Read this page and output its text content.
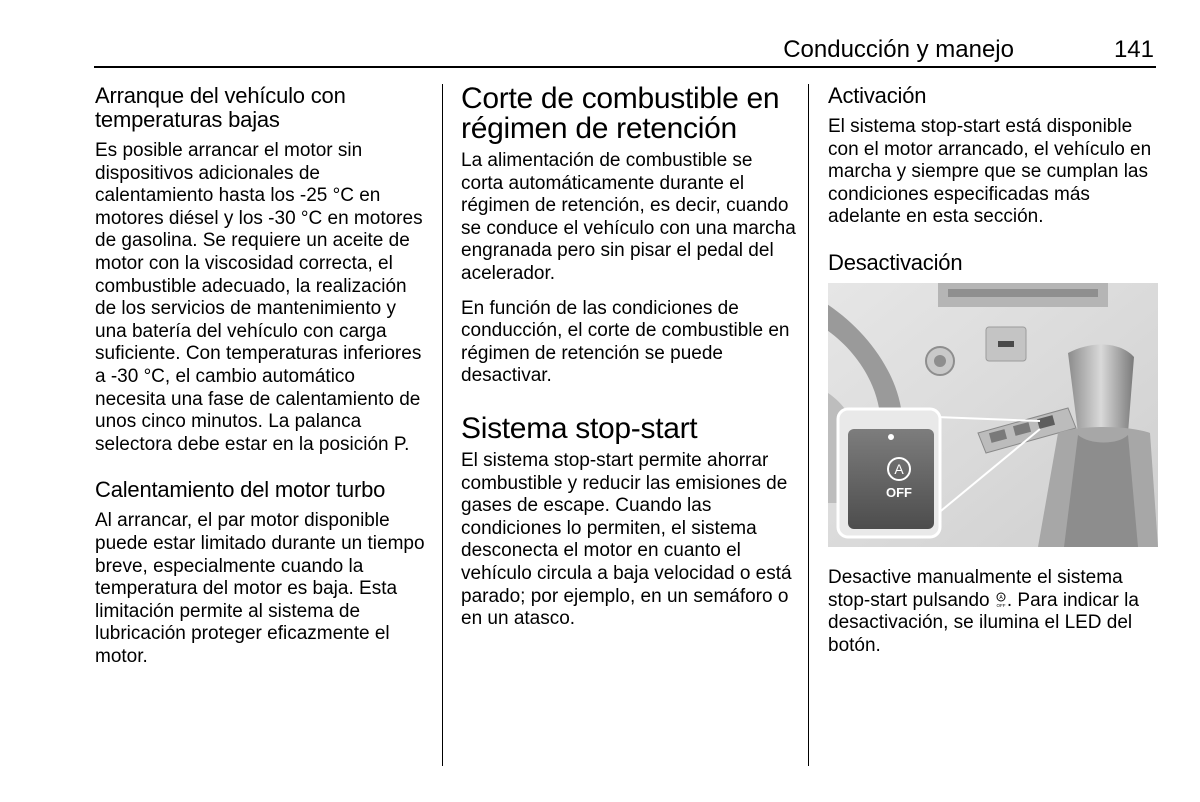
Conducción y manejo	141
Arranque del vehículo con temperaturas bajas

Es posible arrancar el motor sin dispositivos adicionales de calentamiento hasta los -25 °C en motores diésel y los -30 °C en motores de gasolina. Se requiere un aceite de motor con la viscosidad correcta, el combustible adecuado, la realización de los servicios de mantenimiento y una batería del vehículo con carga suficiente. Con temperaturas inferiores a -30 °C, el cambio automático necesita una fase de calentamiento de unos cinco minutos. La palanca selectora debe estar en la posición P.

Calentamiento del motor turbo

Al arrancar, el par motor disponible puede estar limitado durante un tiempo breve, especialmente cuando la temperatura del motor es baja. Esta limitación permite al sistema de lubricación proteger eficazmente el motor.

Corte de combustible en régimen de retención

La alimentación de combustible se corta automáticamente durante el régimen de retención, es decir, cuando se conduce el vehículo con una marcha engranada pero sin pisar el pedal del acelerador.

En función de las condiciones de conducción, el corte de combustible en régimen de retención se puede desactivar.

Sistema stop-start

El sistema stop-start permite ahorrar combustible y reducir las emisiones de gases de escape. Cuando las condiciones lo permiten, el sistema desconecta el motor en cuanto el vehículo circula a baja velocidad o está parado; por ejemplo, en un semáforo o en un atasco.

Activación

El sistema stop-start está disponible con el motor arrancado, el vehículo en marcha y siempre que se cumplan las condiciones especificadas más adelante en esta sección.

Desactivación
A
OFF

Desactive manualmente el sistema stop-start pulsando A
OFF . Para indicar la desactivación, se ilumina el LED del botón.
